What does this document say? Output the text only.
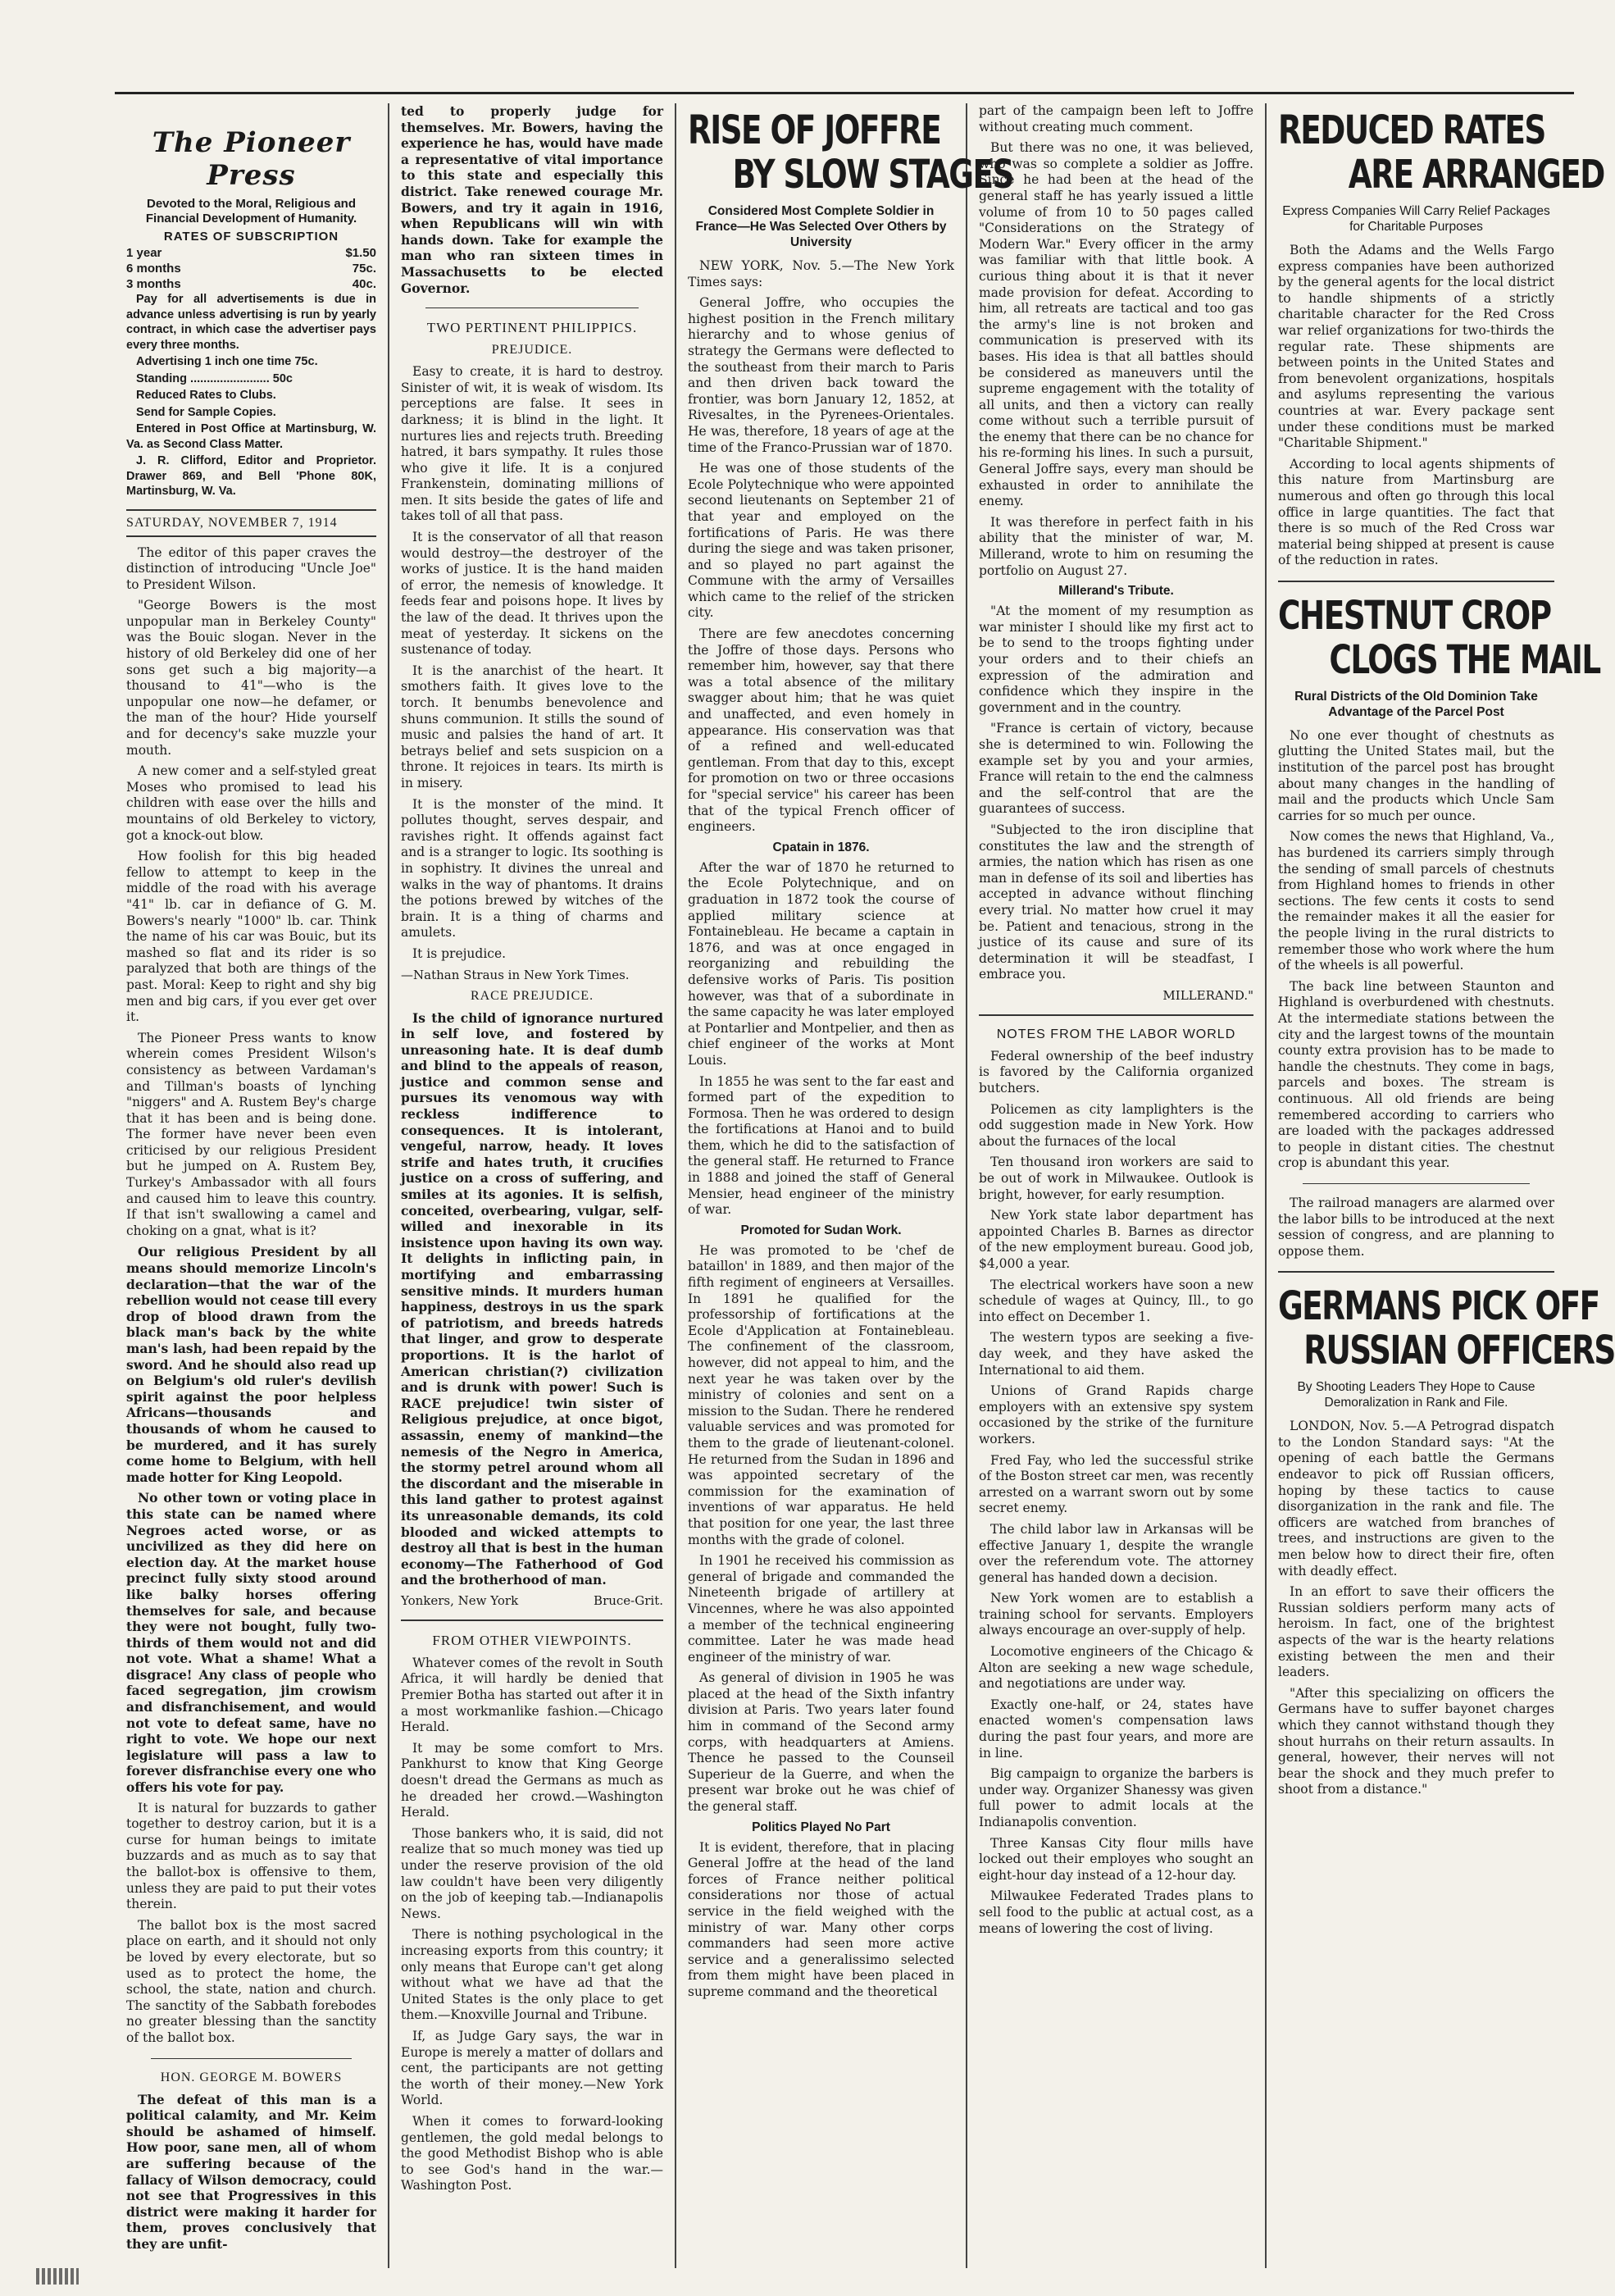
The Pioneer Press
Devoted to the Moral, Religious and Financial Development of Humanity.
RATES OF SUBSCRIPTION
1 year	$1.50
6 months	75c.
3 months	40c.

Pay for all advertisements is due in advance unless advertising is run by yearly contract, in which case the advertiser pays every three months.

Advertising 1 inch one time 75c.

Standing ........................ 50c

Reduced Rates to Clubs.

Send for Sample Copies.

Entered in Post Office at Martinsburg, W. Va. as Second Class Matter.

J. R. Clifford, Editor and Proprietor. Drawer 869, and Bell 'Phone 80K, Martinsburg, W. Va.

SATURDAY, NOVEMBER 7, 1914

The editor of this paper craves the distinction of introducing "Uncle Joe" to President Wilson.

"George Bowers is the most unpopular man in Berkeley County" was the Bouic slogan. Never in the history of old Berkeley did one of her sons get such a big majority—a thousand to 41"—who is the unpopular one now—he defamer, or the man of the hour? Hide yourself and for decency's sake muzzle your mouth.

A new comer and a self-styled great Moses who promised to lead his children with ease over the hills and mountains of old Berkeley to victory, got a knock-out blow.

How foolish for this big headed fellow to attempt to keep in the middle of the road with his average "41" lb. car in defiance of G. M. Bowers's nearly "1000" lb. car. Think the name of his car was Bouic, but its mashed so flat and its rider is so paralyzed that both are things of the past. Moral: Keep to right and shy big men and big cars, if you ever get over it.

The Pioneer Press wants to know wherein comes President Wilson's consistency as between Vardaman's and Tillman's boasts of lynching "niggers" and A. Rustem Bey's charge that it has been and is being done. The former have never been even criticised by our religious President but he jumped on A. Rustem Bey, Turkey's Ambassador with all fours and caused him to leave this country. If that isn't swallowing a camel and choking on a gnat, what is it?

Our religious President by all means should memorize Lincoln's declaration—that the war of the rebellion would not cease till every drop of blood drawn from the black man's back by the white man's lash, had been repaid by the sword. And he should also read up on Belgium's old ruler's devilish spirit against the poor helpless Africans—thousands and thousands of whom he caused to be murdered, and it has surely come home to Belgium, with hell made hotter for King Leopold.

No other town or voting place in this state can be named where Negroes acted worse, or as uncivilized as they did here on election day. At the market house precinct fully sixty stood around like balky horses offering themselves for sale, and because they were not bought, fully two-thirds of them would not and did not vote. What a shame! What a disgrace! Any class of people who faced segregation, jim crowism and disfranchisement, and would not vote to defeat same, have no right to vote. We hope our next legislature will pass a law to forever disfranchise every one who offers his vote for pay.

It is natural for buzzards to gather together to destroy carion, but it is a curse for human beings to imitate buzzards and as much as to say that the ballot-box is offensive to them, unless they are paid to put their votes therein.

The ballot box is the most sacred place on earth, and it should not only be loved by every electorate, but so used as to protect the home, the school, the state, nation and church. The sanctity of the Sabbath forebodes no greater blessing than the sanctity of the ballot box.

HON. GEORGE M. BOWERS

The defeat of this man is a political calamity, and Mr. Keim should be ashamed of himself. How poor, sane men, all of whom are suffering because of the fallacy of Wilson democracy, could not see that Progressives in this district were making it harder for them, proves conclusively that they are unfit-

ted to properly judge for themselves. Mr. Bowers, having the experience he has, would have made a representative of vital importance to this state and especially this district. Take renewed courage Mr. Bowers, and try it again in 1916, when Republicans will win with hands down. Take for example the man who ran sixteen times in Massachusetts to be elected Governor.

TWO PERTINENT PHILIPPICS.
PREJUDICE.

Easy to create, it is hard to destroy. Sinister of wit, it is weak of wisdom. Its perceptions are false. It sees in darkness; it is blind in the light. It nurtures lies and rejects truth. Breeding hatred, it bars sympathy. It rules those who give it life. It is a conjured Frankenstein, dominating millions of men. It sits beside the gates of life and takes toll of all that pass.

It is the conservator of all that reason would destroy—the destroyer of the works of justice. It is the hand maiden of error, the nemesis of knowledge. It feeds fear and poisons hope. It lives by the law of the dead. It thrives upon the meat of yesterday. It sickens on the sustenance of today.

It is the anarchist of the heart. It smothers faith. It gives love to the torch. It benumbs benevolence and shuns communion. It stills the sound of music and palsies the hand of art. It betrays belief and sets suspicion on a throne. It rejoices in tears. Its mirth is in misery.

It is the monster of the mind. It pollutes thought, serves despair, and ravishes right. It offends against fact and is a stranger to logic. Its soothing is in sophistry. It divines the unreal and walks in the way of phantoms. It drains the potions brewed by witches of the brain. It is a thing of charms and amulets.

It is prejudice.

—Nathan Straus in New York Times.
RACE PREJUDICE.

Is the child of ignorance nurtured in self love, and fostered by unreasoning hate. It is deaf dumb and blind to the appeals of reason, justice and common sense and pursues its venomous way with reckless indifference to consequences. It is intolerant, vengeful, narrow, heady. It loves strife and hates truth, it crucifies justice on a cross of suffering, and smiles at its agonies. It is selfish, conceited, overbearing, vulgar, self-willed and inexorable in its insistence upon having its own way. It delights in inflicting pain, in mortifying and embarrassing sensitive minds. It murders human happiness, destroys in us the spark of patriotism, and breeds hatreds that linger, and grow to desperate proportions. It is the harlot of American christian(?) civilization and is drunk with power! Such is RACE prejudice! twin sister of Religious prejudice, at once bigot, assassin, enemy of mankind—the nemesis of the Negro in America, the stormy petrel around whom all the discordant and the miserable in this land gather to protest against its unreasonable demands, its cold blooded and wicked attempts to destroy all that is best in the human economy—The Fatherhood of God and the brotherhood of man.

Yonkers, New York	Bruce-Grit.
FROM OTHER VIEWPOINTS.

Whatever comes of the revolt in South Africa, it will hardly be denied that Premier Botha has started out after it in a most workmanlike fashion.—Chicago Herald.

It may be some comfort to Mrs. Pankhurst to know that King George doesn't dread the Germans as much as he dreaded her crowd.—Washington Herald.

Those bankers who, it is said, did not realize that so much money was tied up under the reserve provision of the old law couldn't have been very diligently on the job of keeping tab.—Indianapolis News.

There is nothing psychological in the increasing exports from this country; it only means that Europe can't get along without what we have ad that the United States is the only place to get them.—Knoxville Journal and Tribune.

If, as Judge Gary says, the war in Europe is merely a matter of dollars and cent, the participants are not getting the worth of their money.—New York World.

When it comes to forward-looking gentlemen, the gold medal belongs to the good Methodist Bishop who is able to see God's hand in the war.—Washington Post.

RISE OF JOFFRE
BY SLOW STAGES
Considered Most Complete Soldier in France—He Was Selected Over Others by University

NEW YORK, Nov. 5.—The New York Times says:

General Joffre, who occupies the highest position in the French military hierarchy and to whose genius of strategy the Germans were deflected to the southeast from their march to Paris and then driven back toward the frontier, was born January 12, 1852, at Rivesaltes, in the Pyrenees-Orientales. He was, therefore, 18 years of age at the time of the Franco-Prussian war of 1870.

He was one of those students of the Ecole Polytechnique who were appointed second lieutenants on September 21 of that year and employed on the fortifications of Paris. He was there during the siege and was taken prisoner, and so played no part against the Commune with the army of Versailles which came to the relief of the stricken city.

There are few anecdotes concerning the Joffre of those days. Persons who remember him, however, say that there was a total absence of the military swagger about him; that he was quiet and unaffected, and even homely in appearance. His conservation was that of a refined and well-educated gentleman. From that day to this, except for promotion on two or three occasions for "special service" his career has been that of the typical French officer of engineers.

Cpatain in 1876.

After the war of 1870 he returned to the Ecole Polytechnique, and on graduation in 1872 took the course of applied military science at Fontainebleau. He became a captain in 1876, and was at once engaged in reorganizing and rebuilding the defensive works of Paris. Tis position however, was that of a subordinate in the same capacity he was later employed at Pontarlier and Montpelier, and then as chief engineer of the works at Mont Louis.

In 1855 he was sent to the far east and formed part of the expedition to Formosa. Then he was ordered to design the fortifications at Hanoi and to build them, which he did to the satisfaction of the general staff. He returned to France in 1888 and joined the staff of General Mensier, head engineer of the ministry of war.

Promoted for Sudan Work.

He was promoted to be 'chef de bataillon' in 1889, and then major of the fifth regiment of engineers at Versailles. In 1891 he qualified for the professorship of fortifications at the Ecole d'Application at Fontainebleau. The confinement of the classroom, however, did not appeal to him, and the next year he was taken over by the ministry of colonies and sent on a mission to the Sudan. There he rendered valuable services and was promoted for them to the grade of lieutenant-colonel. He returned from the Sudan in 1896 and was appointed secretary of the commission for the examination of inventions of war apparatus. He held that position for one year, the last three months with the grade of colonel.

In 1901 he received his commission as general of brigade and commanded the Nineteenth brigade of artillery at Vincennes, where he was also appointed a member of the technical engineering committee. Later he was made head engineer of the ministry of war.

As general of division in 1905 he was placed at the head of the Sixth infantry division at Paris. Two years later found him in command of the Second army corps, with headquarters at Amiens. Thence he passed to the Counseil Superieur de la Guerre, and when the present war broke out he was chief of the general staff.

Politics Played No Part

It is evident, therefore, that in placing General Joffre at the head of the land forces of France neither political considerations nor those of actual service in the field weighed with the ministry of war. Many other corps commanders had seen more active service and a generalissimo selected from them might have been placed in supreme command and the theoretical

part of the campaign been left to Joffre without creating much comment.

But there was no one, it was believed, who was so complete a soldier as Joffre. Since he had been at the head of the general staff he has yearly issued a little volume of from 10 to 50 pages called "Considerations on the Strategy of Modern War." Every officer in the army was familiar with that little book. A curious thing about it is that it never made provision for defeat. According to him, all retreats are tactical and too gas the army's line is not broken and communication is preserved with its bases. His idea is that all battles should be considered as maneuvers until the supreme engagement with the totality of all units, and then a victory can really come without such a terrible pursuit of the enemy that there can be no chance for his re-forming his lines. In such a pursuit, General Joffre says, every man should be exhausted in order to annihilate the enemy.

It was therefore in perfect faith in his ability that the minister of war, M. Millerand, wrote to him on resuming the portfolio on August 27.

Millerand's Tribute.

"At the moment of my resumption as war minister I should like my first act to be to send to the troops fighting under your orders and to their chiefs an expression of the admiration and confidence which they inspire in the government and in the country.

"France is certain of victory, because she is determined to win. Following the example set by you and your armies, France will retain to the end the calmness and the self-control that are the guarantees of success.

"Subjected to the iron discipline that constitutes the law and the strength of armies, the nation which has risen as one man in defense of its soil and liberties has accepted in advance without flinching every trial. No matter how cruel it may be. Patient and tenacious, strong in the justice of its cause and sure of its determination it will be steadfast, I embrace you.

MILLERAND."
NOTES FROM THE LABOR WORLD

Federal ownership of the beef industry is favored by the California organized butchers.

Policemen as city lamplighters is the odd suggestion made in New York. How about the furnaces of the local

Ten thousand iron workers are said to be out of work in Milwaukee. Outlook is bright, however, for early resumption.

New York state labor department has appointed Charles B. Barnes as director of the new employment bureau. Good job, $4,000 a year.

The electrical workers have soon a new schedule of wages at Quincy, Ill., to go into effect on December 1.

The western typos are seeking a five-day week, and they have asked the International to aid them.

Unions of Grand Rapids charge employers with an extensive spy system occasioned by the strike of the furniture workers.

Fred Fay, who led the successful strike of the Boston street car men, was recently arrested on a warrant sworn out by some secret enemy.

The child labor law in Arkansas will be effective January 1, despite the wrangle over the referendum vote. The attorney general has handed down a decision.

New York women are to establish a training school for servants. Employers always encourage an over-supply of help.

Locomotive engineers of the Chicago & Alton are seeking a new wage schedule, and negotiations are under way.

Exactly one-half, or 24, states have enacted women's compensation laws during the past four years, and more are in line.

Big campaign to organize the barbers is under way. Organizer Shanessy was given full power to admit locals at the Indianapolis convention.

Three Kansas City flour mills have locked out their employes who sought an eight-hour day instead of a 12-hour day.

Milwaukee Federated Trades plans to sell food to the public at actual cost, as a means of lowering the cost of living.

REDUCED RATES
ARE ARRANGED
Express Companies Will Carry Relief Packages for Charitable Purposes

Both the Adams and the Wells Fargo express companies have been authorized by the general agents for the local district to handle shipments of a strictly charitable character for the Red Cross war relief organizations for two-thirds the regular rate. These shipments are between points in the United States and from benevolent organizations, hospitals and asylums representing the various countries at war. Every package sent under these conditions must be marked "Charitable Shipment."

According to local agents shipments of this nature from Martinsburg are numerous and often go through this local office in large quantities. The fact that there is so much of the Red Cross war material being shipped at present is cause of the reduction in rates.

CHESTNUT CROP
CLOGS THE MAIL
Rural Districts of the Old Dominion Take Advantage of the Parcel Post

No one ever thought of chestnuts as glutting the United States mail, but the institution of the parcel post has brought about many changes in the handling of mail and the products which Uncle Sam carries for so much per ounce.

Now comes the news that Highland, Va., has burdened its carriers simply through the sending of small parcels of chestnuts from Highland homes to friends in other sections. The few cents it costs to send the remainder makes it all the easier for the people living in the rural districts to remember those who work where the hum of the wheels is all powerful.

The back line between Staunton and Highland is overburdened with chestnuts. At the intermediate stations between the city and the largest towns of the mountain county extra provision has to be made to handle the chestnuts. They come in bags, parcels and boxes. The stream is continuous. All old friends are being remembered according to carriers who are loaded with the packages addressed to people in distant cities. The chestnut crop is abundant this year.

The railroad managers are alarmed over the labor bills to be introduced at the next session of congress, and are planning to oppose them.

GERMANS PICK OFF
RUSSIAN OFFICERS
By Shooting Leaders They Hope to Cause Demoralization in Rank and File.

LONDON, Nov. 5.—A Petrograd dispatch to the London Standard says: "At the opening of each battle the Germans endeavor to pick off Russian officers, hoping by these tactics to cause disorganization in the rank and file. The officers are watched from branches of trees, and instructions are given to the men below how to direct their fire, often with deadly effect.

In an effort to save their officers the Russian soldiers perform many acts of heroism. In fact, one of the brightest aspects of the war is the hearty relations existing between the men and their leaders.

"After this specializing on officers the Germans have to suffer bayonet charges which they cannot withstand though they shout hurrahs on their return assaults. In general, however, their nerves will not bear the shock and they much prefer to shoot from a distance."
